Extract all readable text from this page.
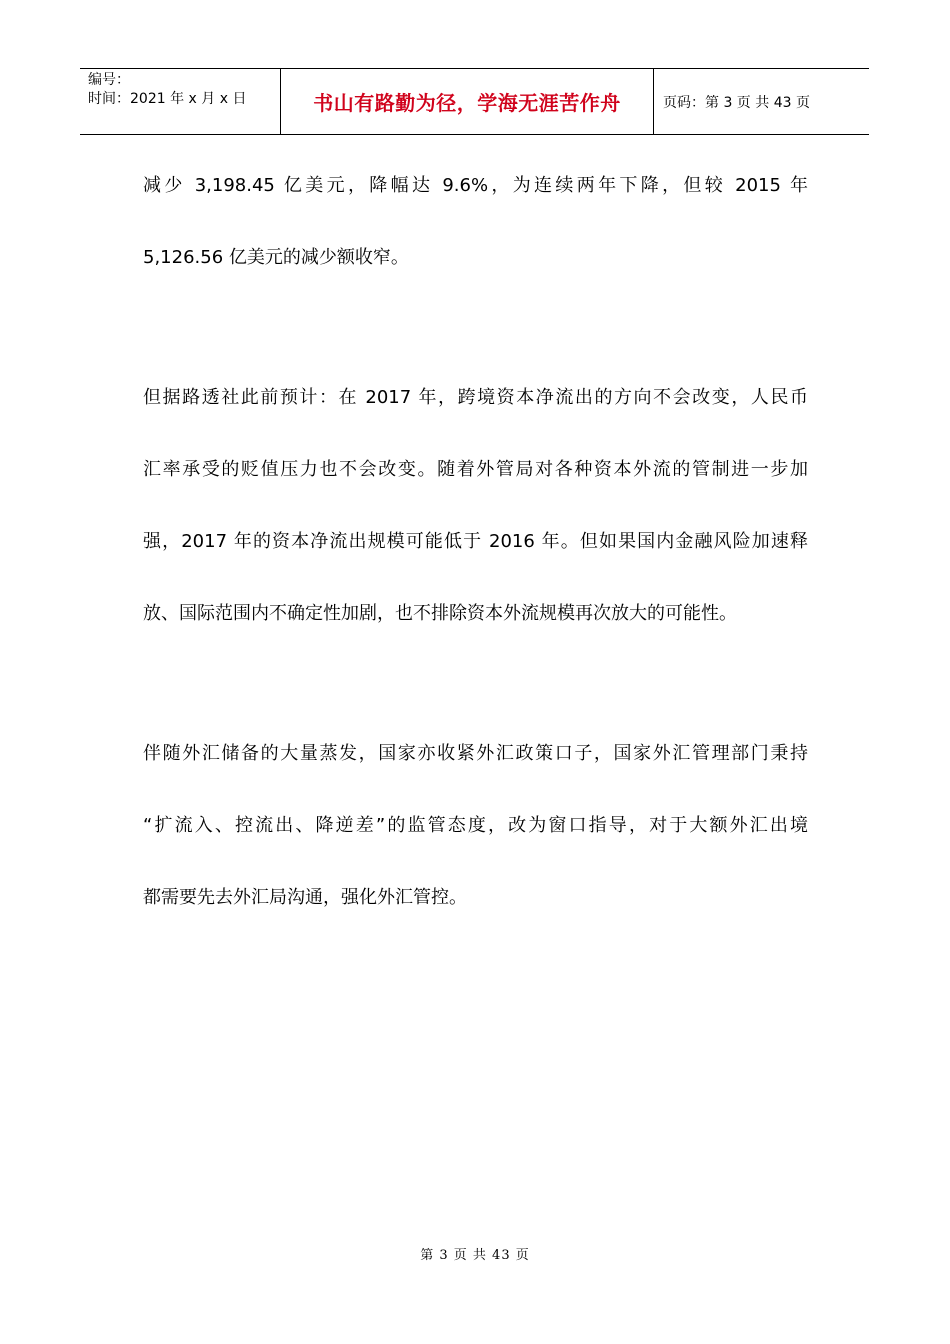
编号：
时间：2021 年 x 月 x 日	书山有路勤为径，学海无涯苦作舟	页码：第 3 页 共 43 页

减少 3,198.45 亿美元，降幅达 9.6%，为连续两年下降，但较 2015 年

5,126.56 亿美元的减少额收窄。

但据路透社此前预计：在 2017 年，跨境资本净流出的方向不会改变，人民币

汇率承受的贬值压力也不会改变。随着外管局对各种资本外流的管制进一步加

强，2017 年的资本净流出规模可能低于 2016 年。但如果国内金融风险加速释

放、国际范围内不确定性加剧，也不排除资本外流规模再次放大的可能性。

伴随外汇储备的大量蒸发，国家亦收紧外汇政策口子，国家外汇管理部门秉持

“扩流入、控流出、降逆差”的监管态度，改为窗口指导，对于大额外汇出境

都需要先去外汇局沟通，强化外汇管控。

第 3 页 共 43 页
